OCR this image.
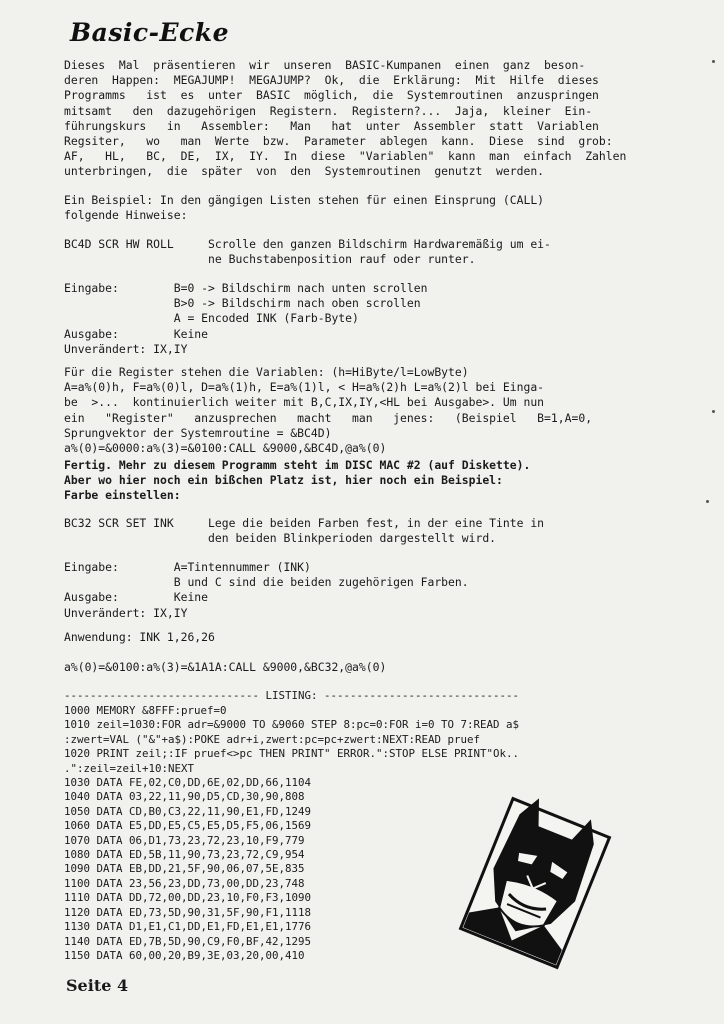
Basic-Ecke
Dieses  Mal  präsentieren  wir  unseren  BASIC-Kumpanen  einen  ganz  beson-
deren  Happen:  MEGAJUMP!  MEGAJUMP?  Ok,  die  Erklärung:  Mit  Hilfe  dieses
Programms   ist  es  unter  BASIC  möglich,  die  Systemroutinen  anzuspringen
mitsamt   den  dazugehörigen  Registern.  Registern?...  Jaja,  kleiner  Ein-
führungskurs   in   Assembler:   Man   hat  unter  Assembler  statt  Variablen
Regsiter,   wo   man  Werte  bzw.  Parameter  ablegen  kann.  Diese  sind  grob:
AF,   HL,   BC,  DE,  IX,  IY.  In  diese  "Variablen"  kann  man  einfach  Zahlen
unterbringen,  die  später  von  den  Systemroutinen  genutzt  werden.
Ein Beispiel: In den gängigen Listen stehen für einen Einsprung (CALL)
folgende Hinweise:
BC4D SCR HW ROLL     Scrolle den ganzen Bildschirm Hardwaremäßig um ei-
ne Buchstabenposition rauf oder runter.
Eingabe:        B=0 -> Bildschirm nach unten scrollen
B>0 -> Bildschirm nach oben scrollen
A = Encoded INK (Farb-Byte)
Ausgabe:        Keine
Unverändert: IX,IY
Für die Register stehen die Variablen: (h=HiByte/l=LowByte)
A=a%(0)h, F=a%(0)l, D=a%(1)h, E=a%(1)l, < H=a%(2)h L=a%(2)l bei Einga-
be  >...  kontinuierlich weiter mit B,C,IX,IY,<HL bei Ausgabe>. Um nun
ein   "Register"   anzusprechen   macht   man   jenes:   (Beispiel   B=1,A=0,
Sprungvektor der Systemroutine = &BC4D)
a%(0)=&0000:a%(3)=&0100:CALL &9000,&BC4D,@a%(0)
Fertig. Mehr zu diesem Programm steht im DISC MAC #2 (auf Diskette).
Aber wo hier noch ein bißchen Platz ist, hier noch ein Beispiel:
Farbe einstellen:
BC32 SCR SET INK     Lege die beiden Farben fest, in der eine Tinte in
den beiden Blinkperioden dargestellt wird.
Eingabe:        A=Tintennummer (INK)
B und C sind die beiden zugehörigen Farben.
Ausgabe:        Keine
Unverändert: IX,IY
Anwendung: INK 1,26,26
a%(0)=&0100:a%(3)=&1A1A:CALL &9000,&BC32,@a%(0)
------------------------------ LISTING: ------------------------------
1000 MEMORY &8FFF:pruef=0
1010 zeil=1030:FOR adr=&9000 TO &9060 STEP 8:pc=0:FOR i=0 TO 7:READ a$
:zwert=VAL ("&"+a$):POKE adr+i,zwert:pc=pc+zwert:NEXT:READ pruef
1020 PRINT zeil;:IF pruef<>pc THEN PRINT" ERROR.":STOP ELSE PRINT"Ok..
.":zeil=zeil+10:NEXT
1030 DATA FE,02,C0,DD,6E,02,DD,66,1104
1040 DATA 03,22,11,90,D5,CD,30,90,808
1050 DATA CD,B0,C3,22,11,90,E1,FD,1249
1060 DATA E5,DD,E5,C5,E5,D5,F5,06,1569
1070 DATA 06,D1,73,23,72,23,10,F9,779
1080 DATA ED,5B,11,90,73,23,72,C9,954
1090 DATA EB,DD,21,5F,90,06,07,5E,835
1100 DATA 23,56,23,DD,73,00,DD,23,748
1110 DATA DD,72,00,DD,23,10,F0,F3,1090
1120 DATA ED,73,5D,90,31,5F,90,F1,1118
1130 DATA D1,E1,C1,DD,E1,FD,E1,E1,1776
1140 DATA ED,7B,5D,90,C9,F0,BF,42,1295
1150 DATA 60,00,20,B9,3E,03,20,00,410
Seite 4
